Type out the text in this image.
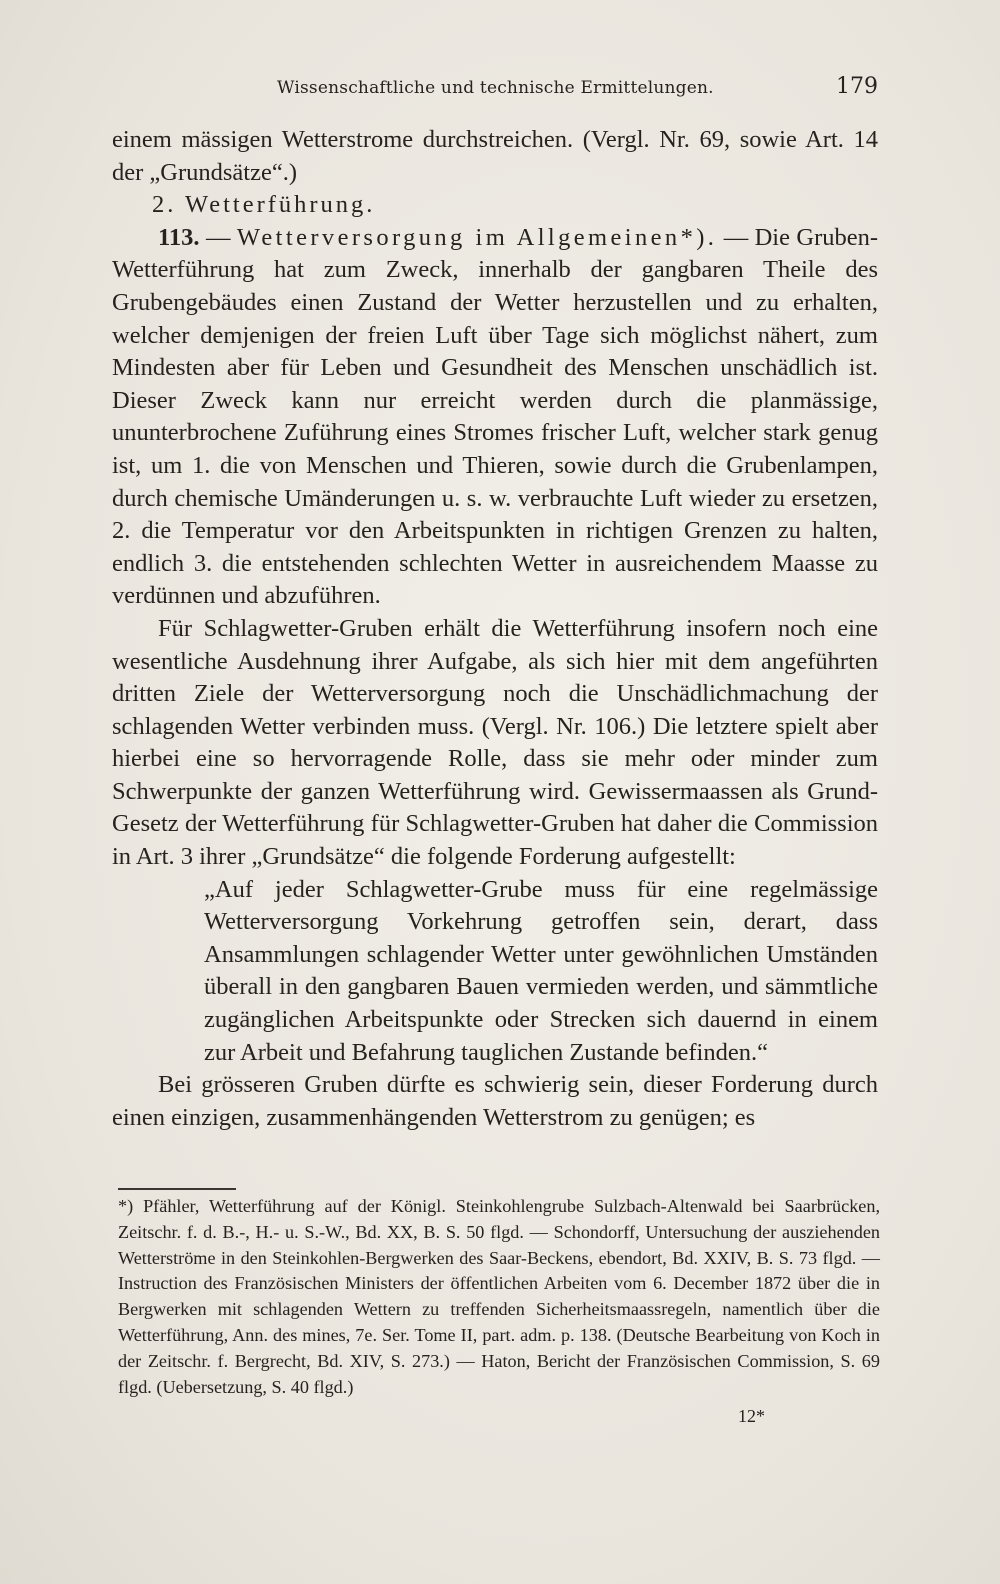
Wissenschaftliche und technische Ermittelungen.	179

einem mässigen Wetterstrome durchstreichen. (Vergl. Nr. 69, sowie Art. 14 der „Grundsätze“.)

2. Wetterführung.

113. — Wetterversorgung im Allgemeinen*). — Die Gruben-Wetterführung hat zum Zweck, innerhalb der gangbaren Theile des Grubengebäudes einen Zustand der Wetter herzustellen und zu erhalten, welcher demjenigen der freien Luft über Tage sich möglichst nähert, zum Mindesten aber für Leben und Gesundheit des Menschen unschädlich ist. Dieser Zweck kann nur erreicht werden durch die planmässige, ununterbrochene Zuführung eines Stromes frischer Luft, welcher stark genug ist, um 1. die von Menschen und Thieren, sowie durch die Grubenlampen, durch chemische Umänderungen u. s. w. verbrauchte Luft wieder zu ersetzen, 2. die Temperatur vor den Arbeitspunkten in richtigen Grenzen zu halten, endlich 3. die entstehenden schlechten Wetter in ausreichendem Maasse zu verdünnen und abzuführen.

Für Schlagwetter-Gruben erhält die Wetterführung insofern noch eine wesentliche Ausdehnung ihrer Aufgabe, als sich hier mit dem angeführten dritten Ziele der Wetterversorgung noch die Unschädlichmachung der schlagenden Wetter verbinden muss. (Vergl. Nr. 106.) Die letztere spielt aber hierbei eine so hervorragende Rolle, dass sie mehr oder minder zum Schwerpunkte der ganzen Wetterführung wird. Gewissermaassen als Grund-Gesetz der Wetterführung für Schlagwetter-Gruben hat daher die Commission in Art. 3 ihrer „Grundsätze“ die folgende Forderung aufgestellt:

„Auf jeder Schlagwetter-Grube muss für eine regelmässige Wetterversorgung Vorkehrung getroffen sein, derart, dass Ansammlungen schlagender Wetter unter gewöhnlichen Umständen überall in den gangbaren Bauen vermieden werden, und sämmtliche zugänglichen Arbeitspunkte oder Strecken sich dauernd in einem zur Arbeit und Befahrung tauglichen Zustande befinden.“

Bei grösseren Gruben dürfte es schwierig sein, dieser Forderung durch einen einzigen, zusammenhängenden Wetterstrom zu genügen; es

*) Pfähler, Wetterführung auf der Königl. Steinkohlengrube Sulzbach-Altenwald bei Saarbrücken, Zeitschr. f. d. B.-, H.- u. S.-W., Bd. XX, B. S. 50 flgd. — Schondorff, Untersuchung der ausziehenden Wetterströme in den Steinkohlen-Bergwerken des Saar-Beckens, ebendort, Bd. XXIV, B. S. 73 flgd. — Instruction des Französischen Ministers der öffentlichen Arbeiten vom 6. December 1872 über die in Bergwerken mit schlagenden Wettern zu treffenden Sicherheitsmaassregeln, namentlich über die Wetterführung, Ann. des mines, 7e. Ser. Tome II, part. adm. p. 138. (Deutsche Bearbeitung von Koch in der Zeitschr. f. Bergrecht, Bd. XIV, S. 273.) — Haton, Bericht der Französischen Commission, S. 69 flgd. (Uebersetzung, S. 40 flgd.)
12*
